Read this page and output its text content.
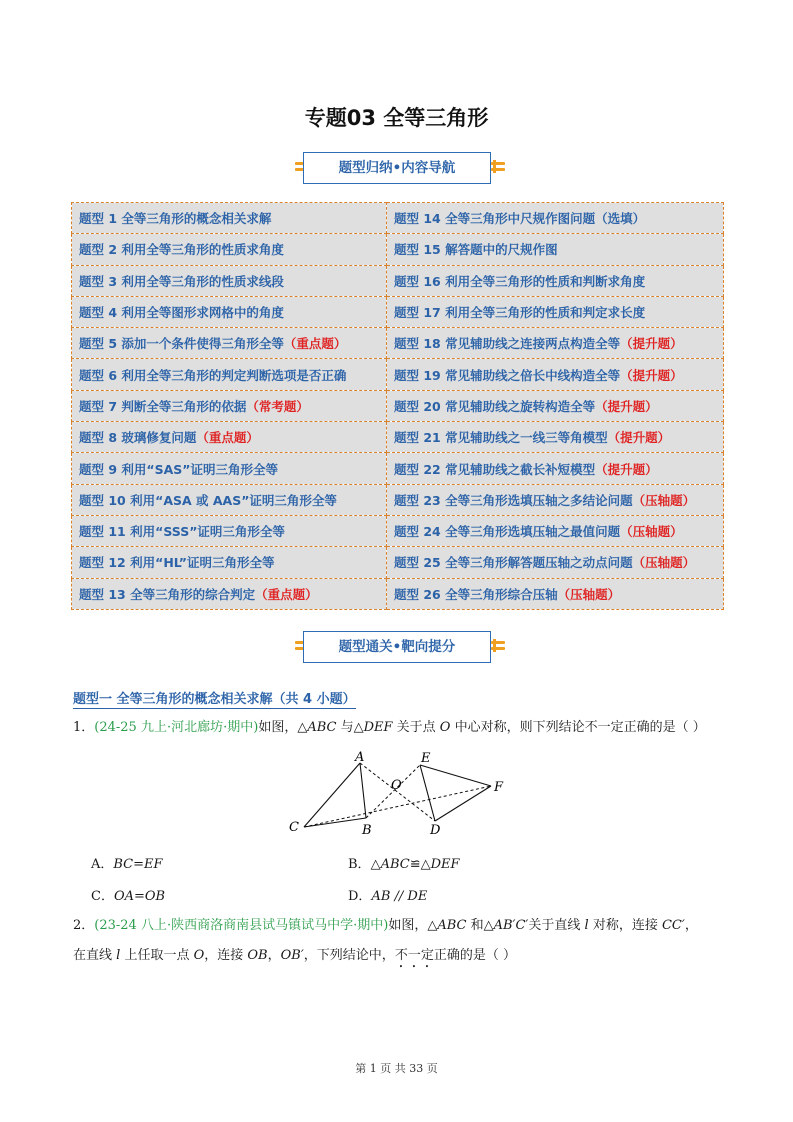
专题03 全等三角形
题型归纳•内容导航
题型 1 全等三角形的概念相关求解	题型 14 全等三角形中尺规作图问题（选填）
题型 2 利用全等三角形的性质求角度	题型 15 解答题中的尺规作图
题型 3 利用全等三角形的性质求线段	题型 16 利用全等三角形的性质和判断求角度
题型 4 利用全等图形求网格中的角度	题型 17 利用全等三角形的性质和判定求长度
题型 5 添加一个条件使得三角形全等（重点题）	题型 18 常见辅助线之连接两点构造全等（提升题）
题型 6 利用全等三角形的判定判断选项是否正确	题型 19 常见辅助线之倍长中线构造全等（提升题）
题型 7 判断全等三角形的依据（常考题）	题型 20 常见辅助线之旋转构造全等（提升题）
题型 8 玻璃修复问题（重点题）	题型 21 常见辅助线之一线三等角模型（提升题）
题型 9 利用“SAS”证明三角形全等	题型 22 常见辅助线之截长补短模型（提升题）
题型 10 利用“ASA 或 AAS”证明三角形全等	题型 23 全等三角形选填压轴之多结论问题（压轴题）
题型 11 利用“SSS”证明三角形全等	题型 24 全等三角形选填压轴之最值问题（压轴题）
题型 12 利用“HL”证明三角形全等	题型 25 全等三角形解答题压轴之动点问题（压轴题）
题型 13 全等三角形的综合判定（重点题）	题型 26 全等三角形综合压轴（压轴题）
题型通关•靶向提分
题型一 全等三角形的概念相关求解（共 4 小题）
1．(24-25 九上·河北廊坊·期中)如图，△ABC 与△DEF 关于点 O 中心对称，则下列结论不一定正确的是（ ）
A
B
C	D
E
F
O
A．BC=EF	B．△ABC≌△DEF
C．OA=OB	D．AB // DE
2．(23-24 八上·陕西商洛商南县试马镇试马中学·期中)如图，△ABC 和△AB′C′关于直线 l 对称，连接 CC′，
在直线 l 上任取一点 O，连接 OB，OB′，下列结论中，不一定正确的是（ ）
第 1 页 共 33 页
